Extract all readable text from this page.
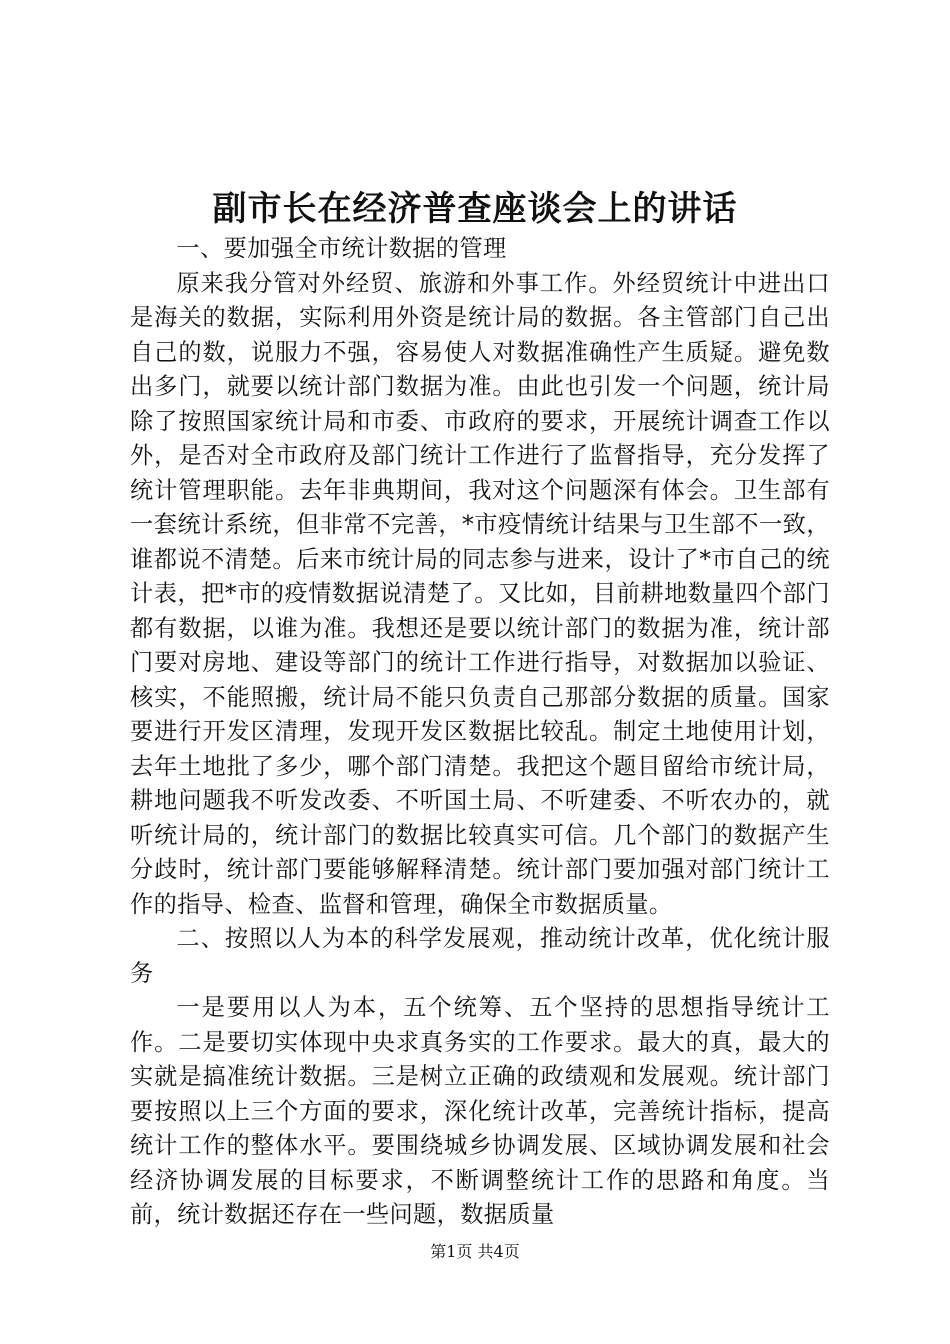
副市长在经济普查座谈会上的讲话

一、要加强全市统计数据的管理

原来我分管对外经贸、旅游和外事工作。外经贸统计中进出口是海关的数据，实际利用外资是统计局的数据。各主管部门自己出自己的数，说服力不强，容易使人对数据准确性产生质疑。避免数出多门，就要以统计部门数据为准。由此也引发一个问题，统计局除了按照国家统计局和市委、市政府的要求，开展统计调查工作以外，是否对全市政府及部门统计工作进行了监督指导，充分发挥了统计管理职能。去年非典期间，我对这个问题深有体会。卫生部有一套统计系统，但非常不完善，*市疫情统计结果与卫生部不一致，谁都说不清楚。后来市统计局的同志参与进来，设计了*市自己的统计表，把*市的疫情数据说清楚了。又比如，目前耕地数量四个部门都有数据，以谁为准。我想还是要以统计部门的数据为准，统计部门要对房地、建设等部门的统计工作进行指导，对数据加以验证、核实，不能照搬，统计局不能只负责自己那部分数据的质量。国家要进行开发区清理，发现开发区数据比较乱。制定土地使用计划，去年土地批了多少，哪个部门清楚。我把这个题目留给市统计局，耕地问题我不听发改委、不听国土局、不听建委、不听农办的，就听统计局的，统计部门的数据比较真实可信。几个部门的数据产生分歧时，统计部门要能够解释清楚。统计部门要加强对部门统计工作的指导、检查、监督和管理，确保全市数据质量。

二、按照以人为本的科学发展观，推动统计改革，优化统计服务

一是要用以人为本，五个统筹、五个坚持的思想指导统计工作。二是要切实体现中央求真务实的工作要求。最大的真，最大的实就是搞准统计数据。三是树立正确的政绩观和发展观。统计部门要按照以上三个方面的要求，深化统计改革，完善统计指标，提高统计工作的整体水平。要围绕城乡协调发展、区域协调发展和社会经济协调发展的目标要求，不断调整统计工作的思路和角度。当前，统计数据还存在一些问题，数据质量

第1页 共4页
